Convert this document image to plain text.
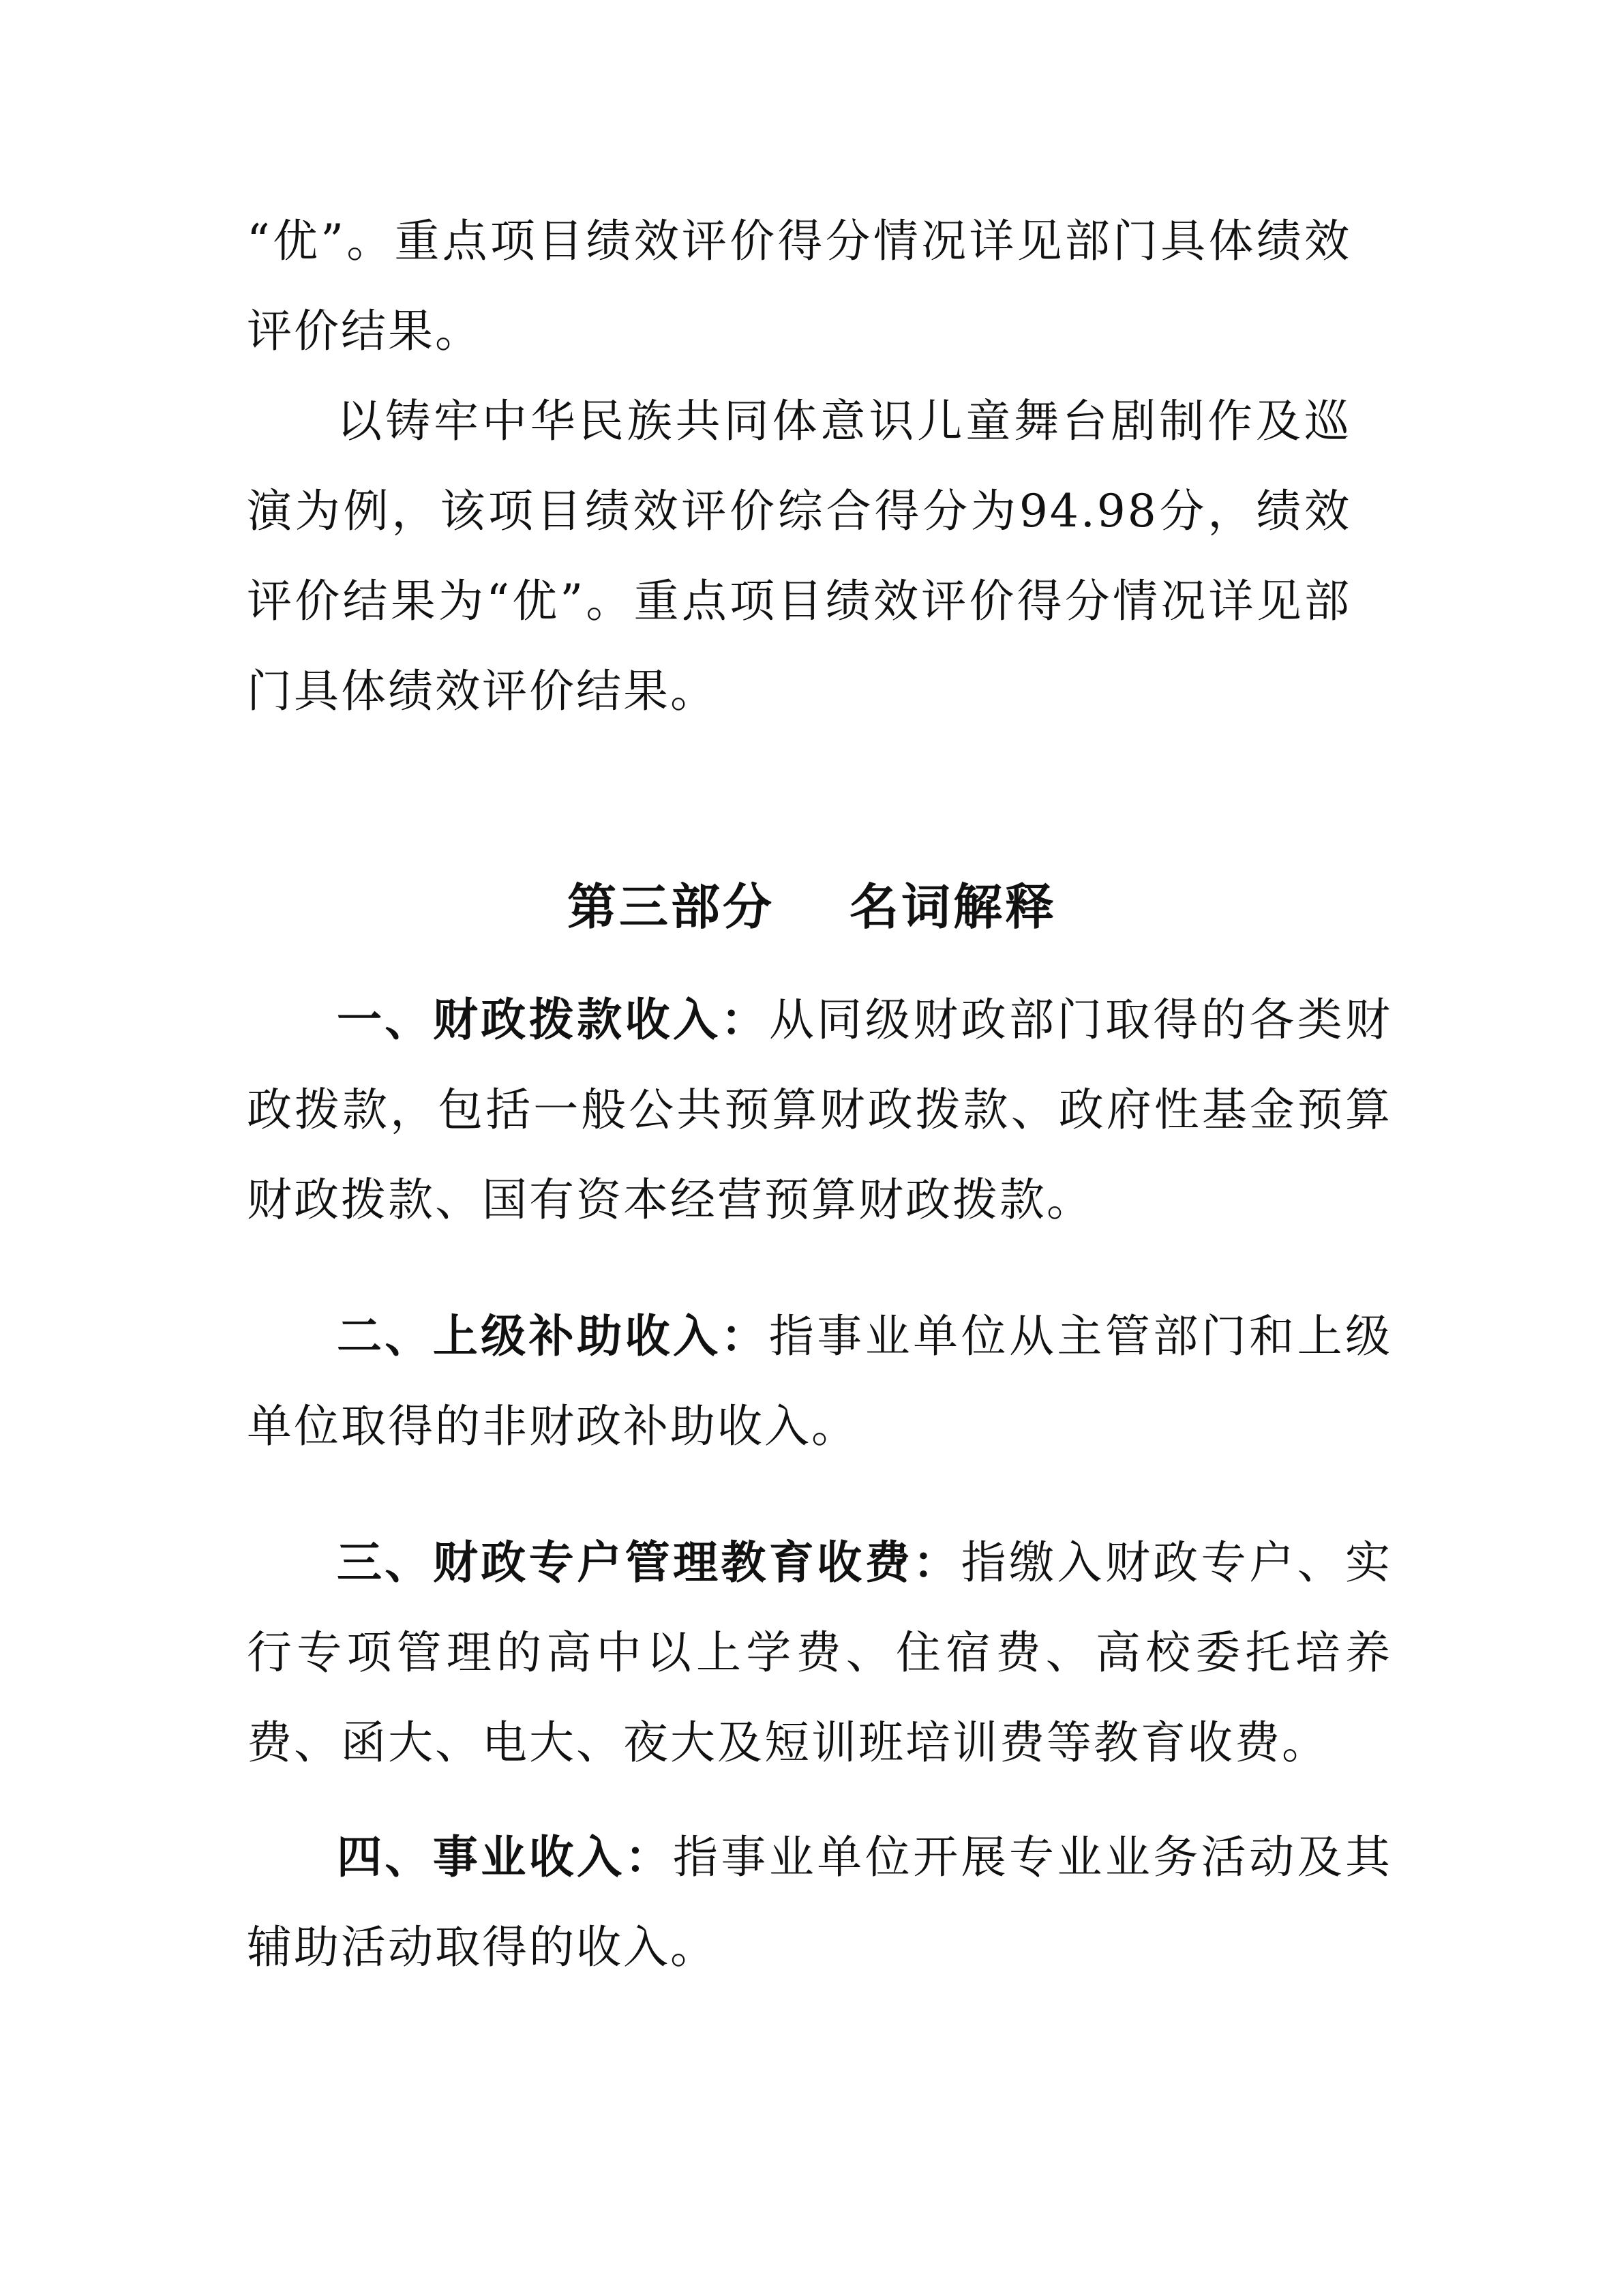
“优”。重点项目绩效评价得分情况详见部门具体绩效评价结果。

以铸牢中华民族共同体意识儿童舞台剧制作及巡演为例，该项目绩效评价综合得分为94.98分，绩效评价结果为“优”。重点项目绩效评价得分情况详见部门具体绩效评价结果。

第三部分 名词解释

一、财政拨款收入：从同级财政部门取得的各类财政拨款，包括一般公共预算财政拨款、政府性基金预算财政拨款、国有资本经营预算财政拨款。

二、上级补助收入：指事业单位从主管部门和上级单位取得的非财政补助收入。

三、财政专户管理教育收费：指缴入财政专户、实行专项管理的高中以上学费、住宿费、高校委托培养费、函大、电大、夜大及短训班培训费等教育收费。

四、事业收入：指事业单位开展专业业务活动及其辅助活动取得的收入。
